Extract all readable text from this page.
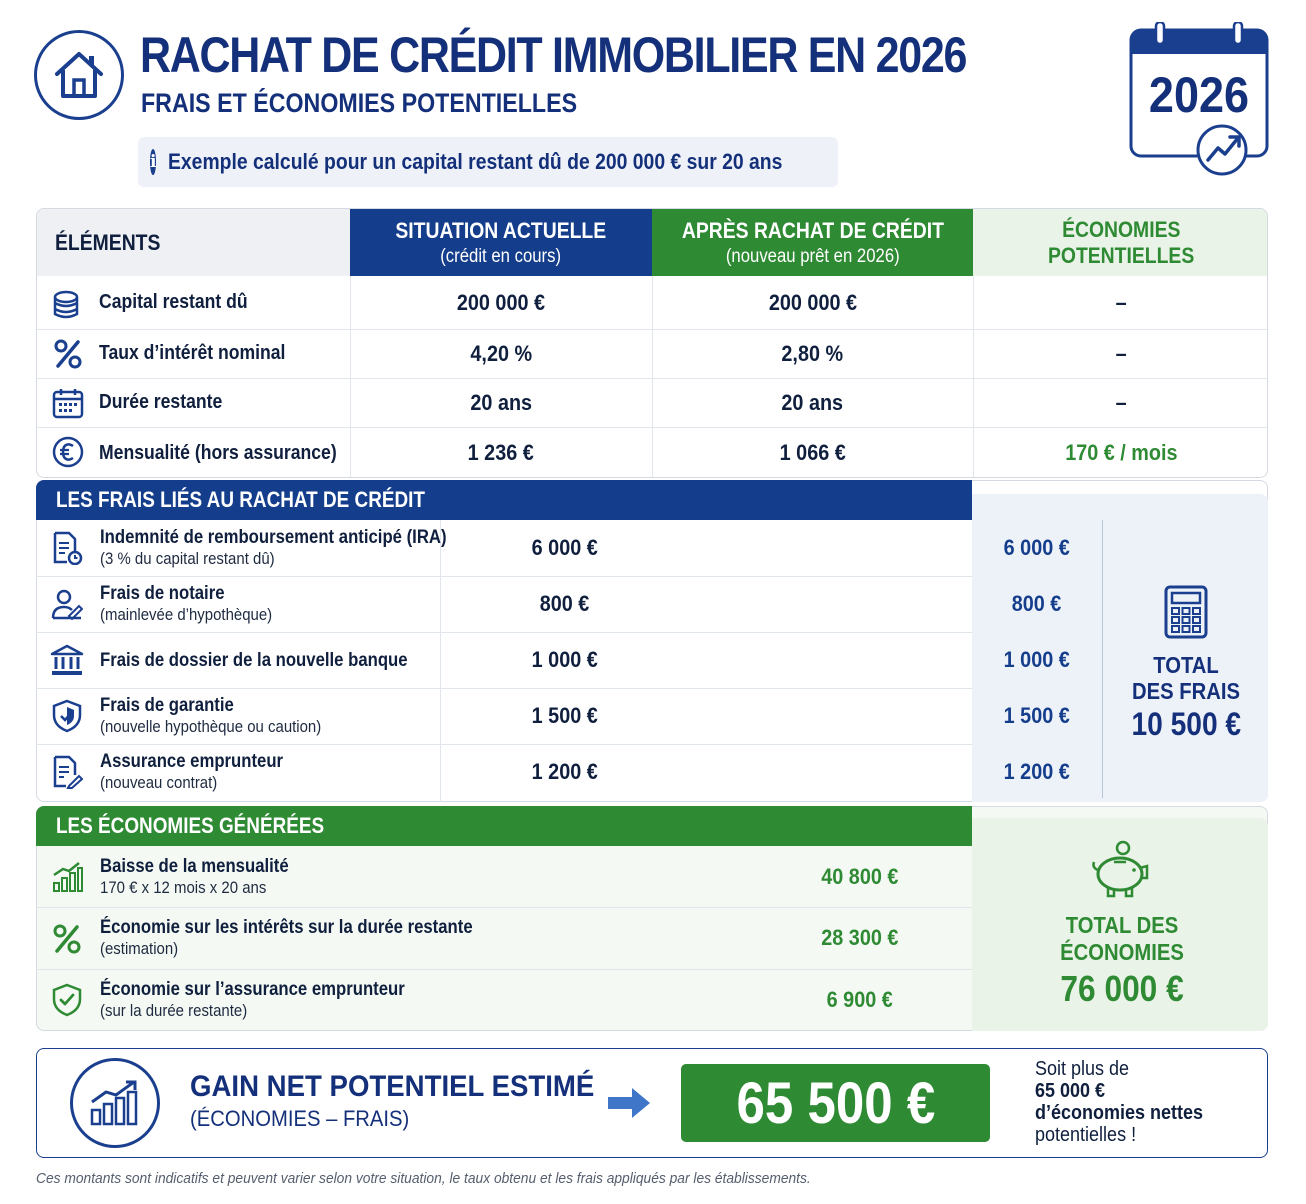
RACHAT DE CRÉDIT IMMOBILIER EN 2026
FRAIS ET ÉCONOMIES POTENTIELLES
i Exemple calculé pour un capital restant dû de 200 000 € sur 20 ans
2026
ÉLÉMENTS	SITUATION ACTUELLE
(crédit en cours)
APRÈS RACHAT DE CRÉDIT
(nouveau prêt en 2026)
ÉCONOMIES
POTENTIELLES
Capital restant dû	200 000 €	200 000 €	–
Taux d’intérêt nominal	4,20 %	2,80 %	–
Durée restante	20 ans	20 ans	–
Mensualité (hors assurance)	1 236 €	1 066 €	170 € / mois
LES FRAIS LIÉS AU RACHAT DE CRÉDIT
Indemnité de remboursement anticipé (IRA)
(3 % du capital restant dû)	6 000 €	6 000 €
Frais de notaire
(mainlevée d’hypothèque)	800 €	800 €
Frais de dossier de la nouvelle banque	1 000 €	1 000 €
Frais de garantie
(nouvelle hypothèque ou caution)	1 500 €	1 500 €
Assurance emprunteur
(nouveau contrat)	1 200 €	1 200 €
TOTAL
DES FRAIS
10 500 €
LES ÉCONOMIES GÉNÉRÉES
Baisse de la mensualité
170 € x 12 mois x 20 ans	40 800 €
Économie sur les intérêts sur la durée restante
(estimation)	28 300 €
Économie sur l’assurance emprunteur
(sur la durée restante)	6 900 €
TOTAL DES
ÉCONOMIES
76 000 €
GAIN NET POTENTIEL ESTIMÉ
(ÉCONOMIES – FRAIS)	65 500 €
Soit plus de
65 000 €
d’économies nettes
potentielles !
Ces montants sont indicatifs et peuvent varier selon votre situation, le taux obtenu et les frais appliqués par les établissements.
